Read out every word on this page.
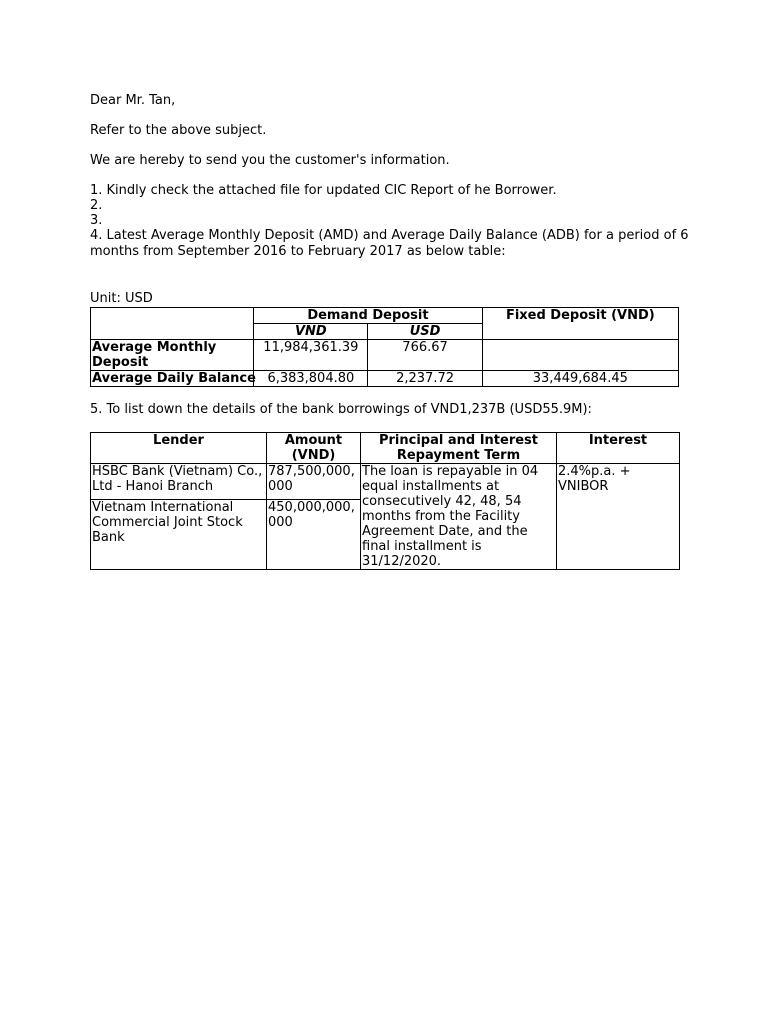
Dear Mr. Tan,
Refer to the above subject.
We are hereby to send you the customer's information.
1. Kindly check the attached file for updated CIC Report of he Borrower.
2.
3.
4. Latest Average Monthly Deposit (AMD) and Average Daily Balance (ADB) for a period of 6
months from September 2016 to February 2017 as below table:
Unit: USD
	Demand Deposit		Fixed Deposit (VND)
	VND	USD	
Average Monthly Deposit	11,984,361.39	766.67	
Average Daily Balance	6,383,804.80	2,237.72	33,449,684.45
5. To list down the details of the bank borrowings of VND1,237B (USD55.9M):
Lender	Amount (VND)	Principal and Interest Repayment Term	Interest
HSBC Bank (Vietnam) Co., Ltd - Hanoi Branch	787,500,000,000	The loan is repayable in 04 equal installments at consecutively 42, 48, 54 months from the Facility Agreement Date, and the final installment is 31/12/2020.	2.4%p.a. + VNIBOR
Vietnam International Commercial Joint Stock Bank	450,000,000,000		
